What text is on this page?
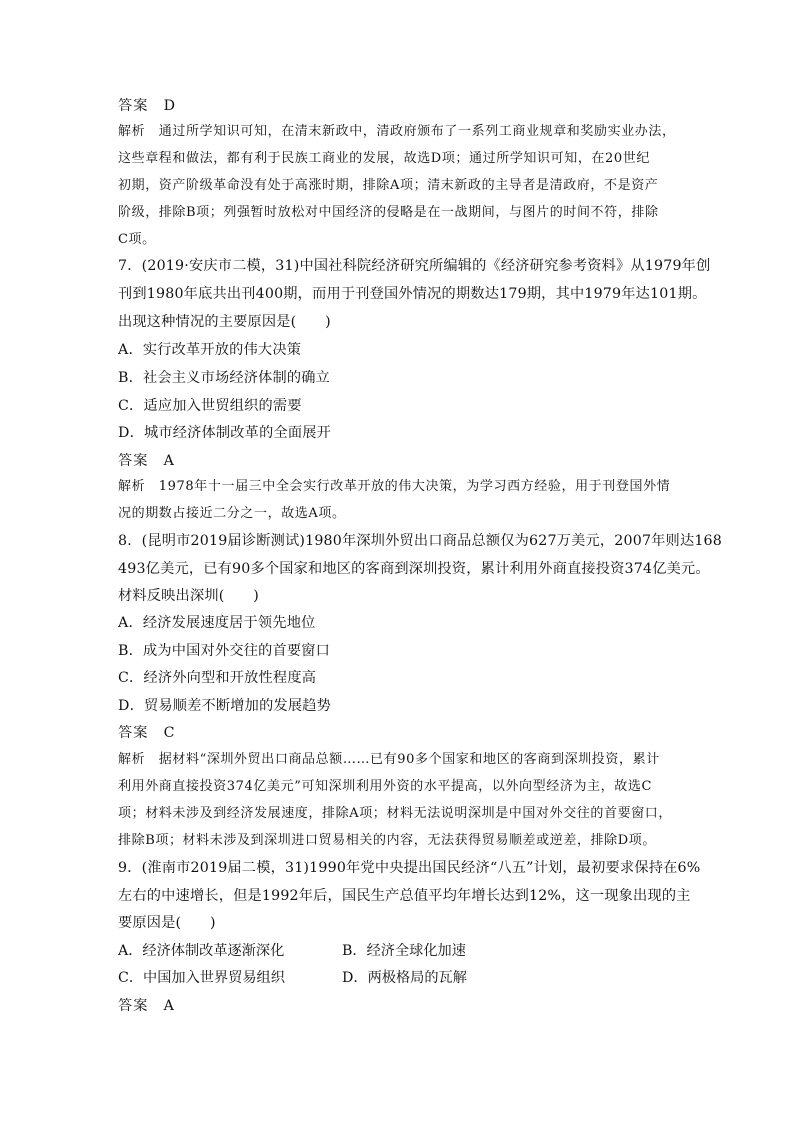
答案　D
解析　通过所学知识可知，在清末新政中，清政府颁布了一系列工商业规章和奖励实业办法，
这些章程和做法，都有利于民族工商业的发展，故选D项；通过所学知识可知，在20世纪
初期，资产阶级革命没有处于高涨时期，排除A项；清末新政的主导者是清政府，不是资产
阶级，排除B项；列强暂时放松对中国经济的侵略是在一战期间，与图片的时间不符，排除
C项。
7．(2019·安庆市二模，31)中国社科院经济研究所编辑的《经济研究参考资料》从1979年创
刊到1980年底共出刊400期，而用于刊登国外情况的期数达179期，其中1979年达101期。
出现这种情况的主要原因是(　　)
A．实行改革开放的伟大决策
B．社会主义市场经济体制的确立
C．适应加入世贸组织的需要
D．城市经济体制改革的全面展开
答案　A
解析　1978年十一届三中全会实行改革开放的伟大决策，为学习西方经验，用于刊登国外情
况的期数占接近二分之一，故选A项。
8．(昆明市2019届诊断测试)1980年深圳外贸出口商品总额仅为627万美元，2007年则达168
493亿美元，已有90多个国家和地区的客商到深圳投资，累计利用外商直接投资374亿美元。
材料反映出深圳(　　)
A．经济发展速度居于领先地位
B．成为中国对外交往的首要窗口
C．经济外向型和开放性程度高
D．贸易顺差不断增加的发展趋势
答案　C
解析　据材料“深圳外贸出口商品总额……已有90多个国家和地区的客商到深圳投资，累计
利用外商直接投资374亿美元”可知深圳利用外资的水平提高，以外向型经济为主，故选C
项；材料未涉及到经济发展速度，排除A项；材料无法说明深圳是中国对外交往的首要窗口，
排除B项；材料未涉及到深圳进口贸易相关的内容，无法获得贸易顺差或逆差，排除D项。
9．(淮南市2019届二模，31)1990年党中央提出国民经济“八五”计划，最初要求保持在6%
左右的中速增长，但是1992年后，国民生产总值平均年增长达到12%，这一现象出现的主
要原因是(　　)
A．经济体制改革逐渐深化	B．经济全球化加速
C．中国加入世界贸易组织	D．两极格局的瓦解
答案　A
